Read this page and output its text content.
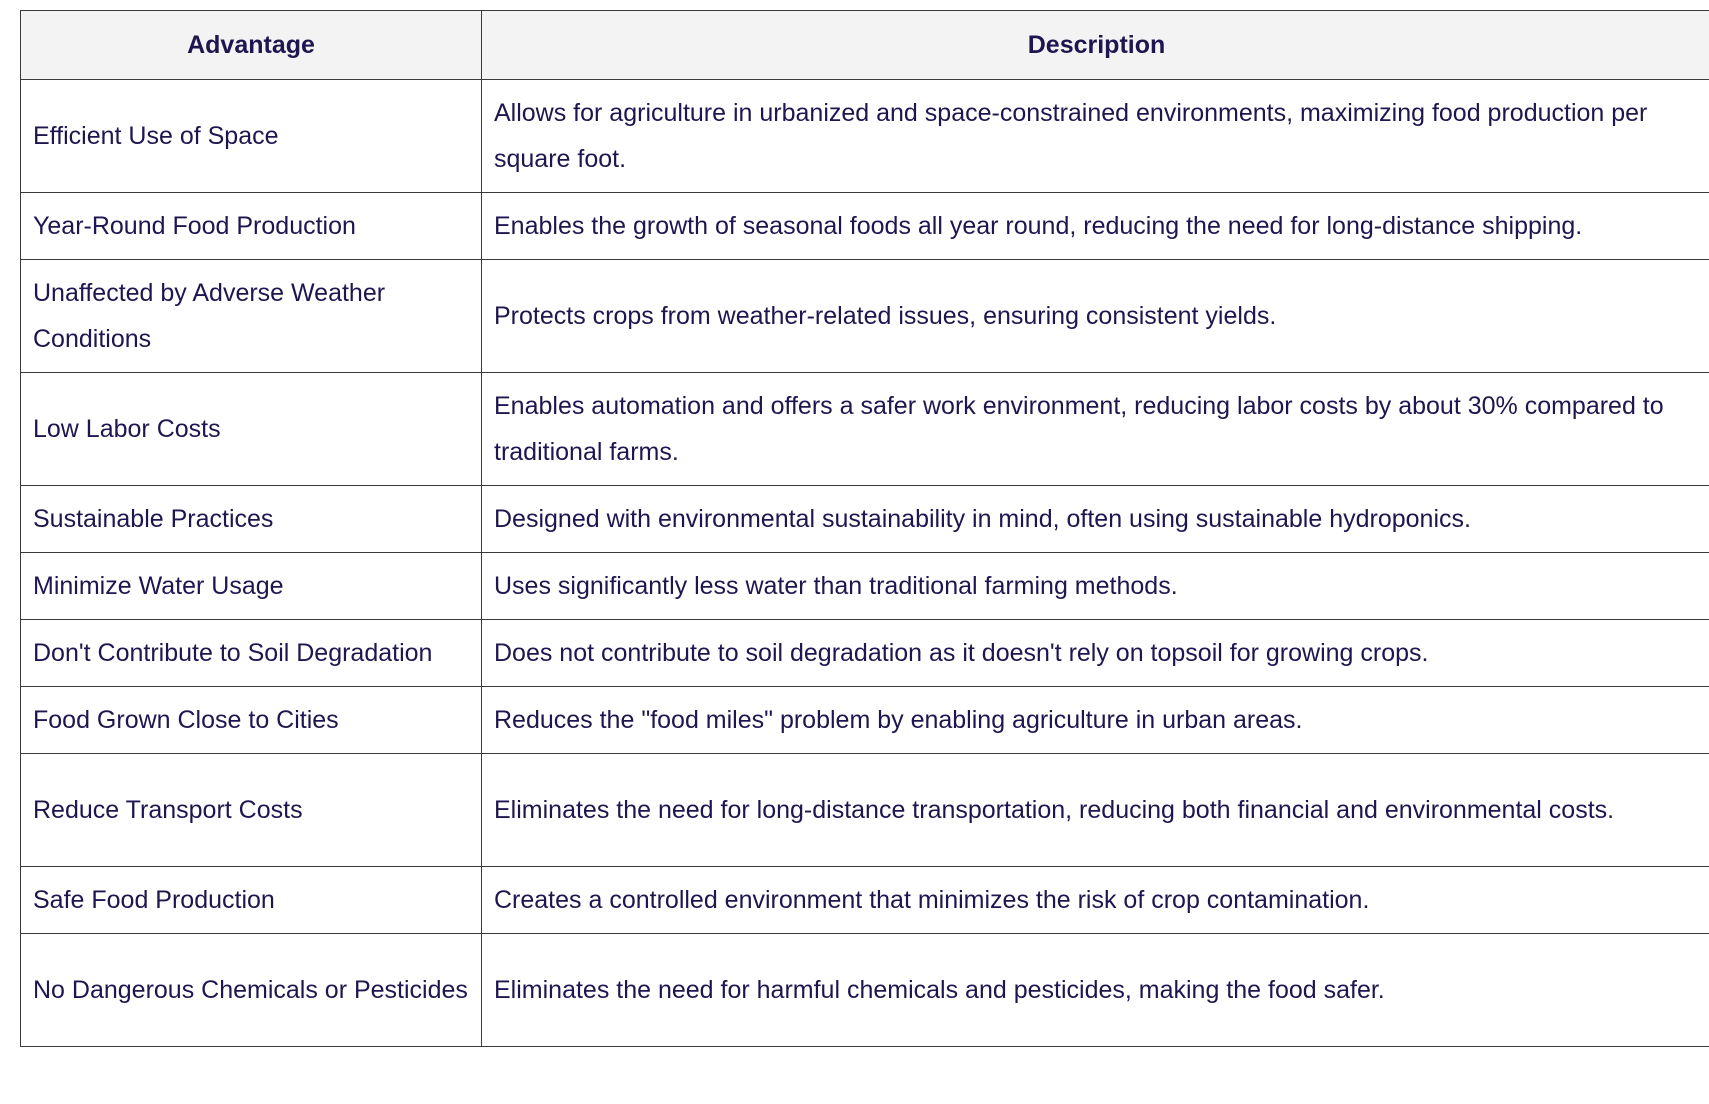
Advantage	Description
Efficient Use of Space	Allows for agriculture in urbanized and space-constrained environments, maximizing food production per square foot.
Year-Round Food Production	Enables the growth of seasonal foods all year round, reducing the need for long-distance shipping.
Unaffected by Adverse Weather Conditions	Protects crops from weather-related issues, ensuring consistent yields.
Low Labor Costs	Enables automation and offers a safer work environment, reducing labor costs by about 30% compared to traditional farms.
Sustainable Practices	Designed with environmental sustainability in mind, often using sustainable hydroponics.
Minimize Water Usage	Uses significantly less water than traditional farming methods.
Don't Contribute to Soil Degradation	Does not contribute to soil degradation as it doesn't rely on topsoil for growing crops.
Food Grown Close to Cities	Reduces the "food miles" problem by enabling agriculture in urban areas.
Reduce Transport Costs	Eliminates the need for long-distance transportation, reducing both financial and environmental costs.
Safe Food Production	Creates a controlled environment that minimizes the risk of crop contamination.
No Dangerous Chemicals or Pesticides	Eliminates the need for harmful chemicals and pesticides, making the food safer.
